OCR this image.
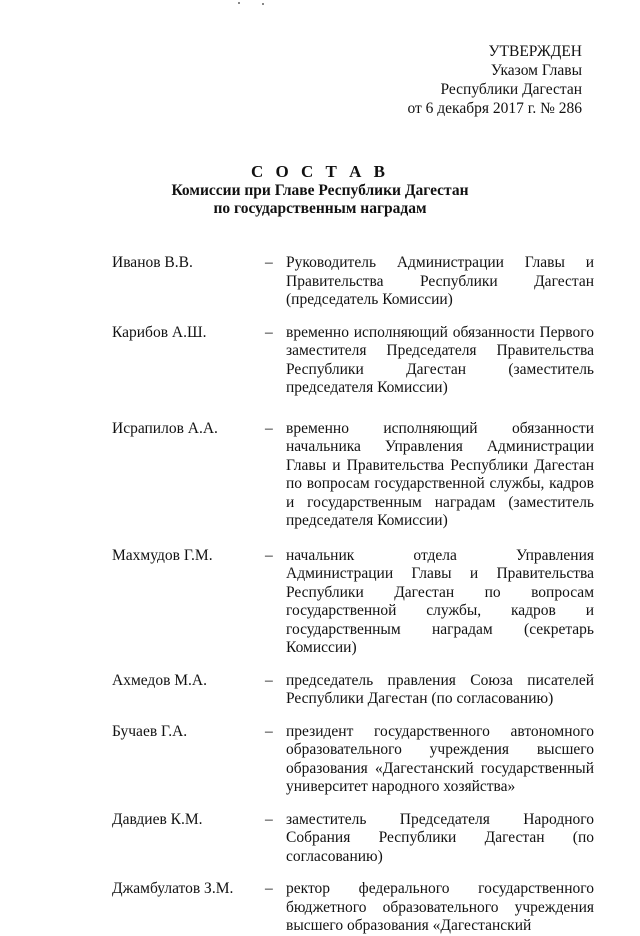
УТВЕРЖДЕН
Указом Главы
Республики Дагестан
от 6 декабря 2017 г. № 286
С О С Т А В
Комиссии при Главе Республики Дагестан
по государственным наградам
Иванов В.В.	– Руководитель Администрации Главы и Правительства Республики Дагестан (председатель Комиссии)
Карибов А.Ш.	– временно исполняющий обязанности Первого заместителя Председателя Правительства Республики Дагестан (заместитель председателя Комиссии)
Исрапилов А.А.	– временно исполняющий обязанности начальника Управления Администрации Главы и Правительства Республики Дагестан по вопросам государственной службы, кадров и государственным наградам (заместитель председателя Комиссии)
Махмудов Г.М.	– начальник отдела Управления Администрации Главы и Правительства Республики Дагестан по вопросам государственной службы, кадров и государственным наградам (секретарь Комиссии)
Ахмедов М.А.	– председатель правления Союза писателей Республики Дагестан (по согласованию)
Бучаев Г.А.	– президент государственного автономного образовательного учреждения высшего образования «Дагестанский государственный университет народного хозяйства»
Давдиев К.М.	– заместитель Председателя Народного Собрания Республики Дагестан (по согласованию)
Джамбулатов З.М. – ректор федерального государственного бюджетного образовательного учреждения высшего образования «Дагестанский
